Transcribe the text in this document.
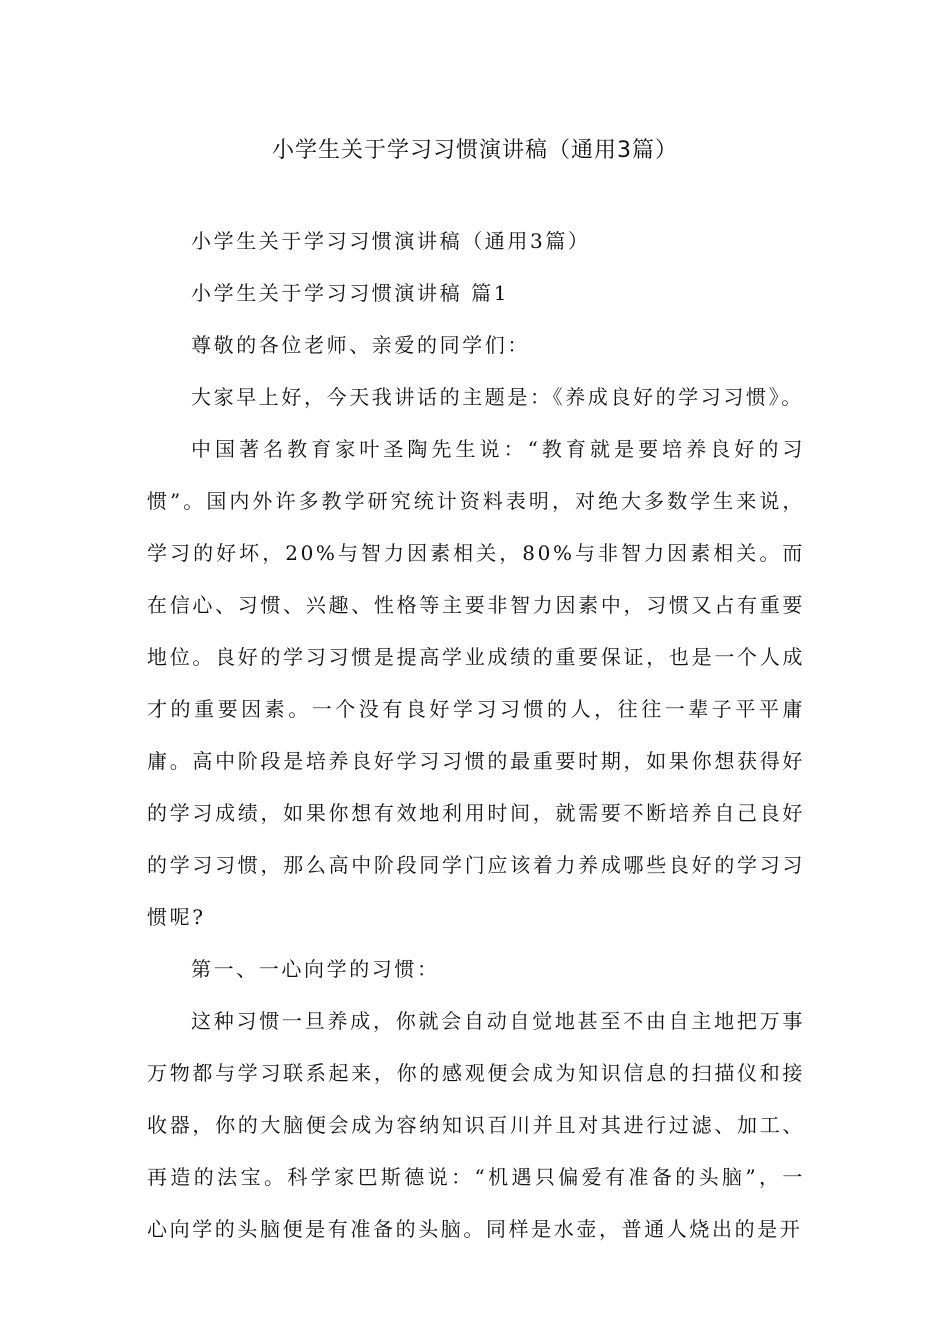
小学生关于学习习惯演讲稿（通用3篇）

小学生关于学习习惯演讲稿（通用3篇）

小学生关于学习习惯演讲稿 篇1

尊敬的各位老师、亲爱的同学们：

大家早上好，今天我讲话的主题是：《养成良好的学习习惯》。

中国著名教育家叶圣陶先生说：“教育就是要培养良好的习惯”。国内外许多教学研究统计资料表明，对绝大多数学生来说，学习的好坏，20%与智力因素相关，80%与非智力因素相关。而在信心、习惯、兴趣、性格等主要非智力因素中，习惯又占有重要地位。良好的学习习惯是提高学业成绩的重要保证，也是一个人成才的重要因素。一个没有良好学习习惯的人，往往一辈子平平庸庸。高中阶段是培养良好学习习惯的最重要时期，如果你想获得好的学习成绩，如果你想有效地利用时间，就需要不断培养自己良好的学习习惯，那么高中阶段同学门应该着力养成哪些良好的学习习惯呢?

第一、一心向学的习惯：

这种习惯一旦养成，你就会自动自觉地甚至不由自主地把万事万物都与学习联系起来，你的感观便会成为知识信息的扫描仪和接收器，你的大脑便会成为容纳知识百川并且对其进行过滤、加工、再造的法宝。科学家巴斯德说：“机遇只偏爱有准备的头脑”，一心向学的头脑便是有准备的头脑。同样是水壶，普通人烧出的是开
